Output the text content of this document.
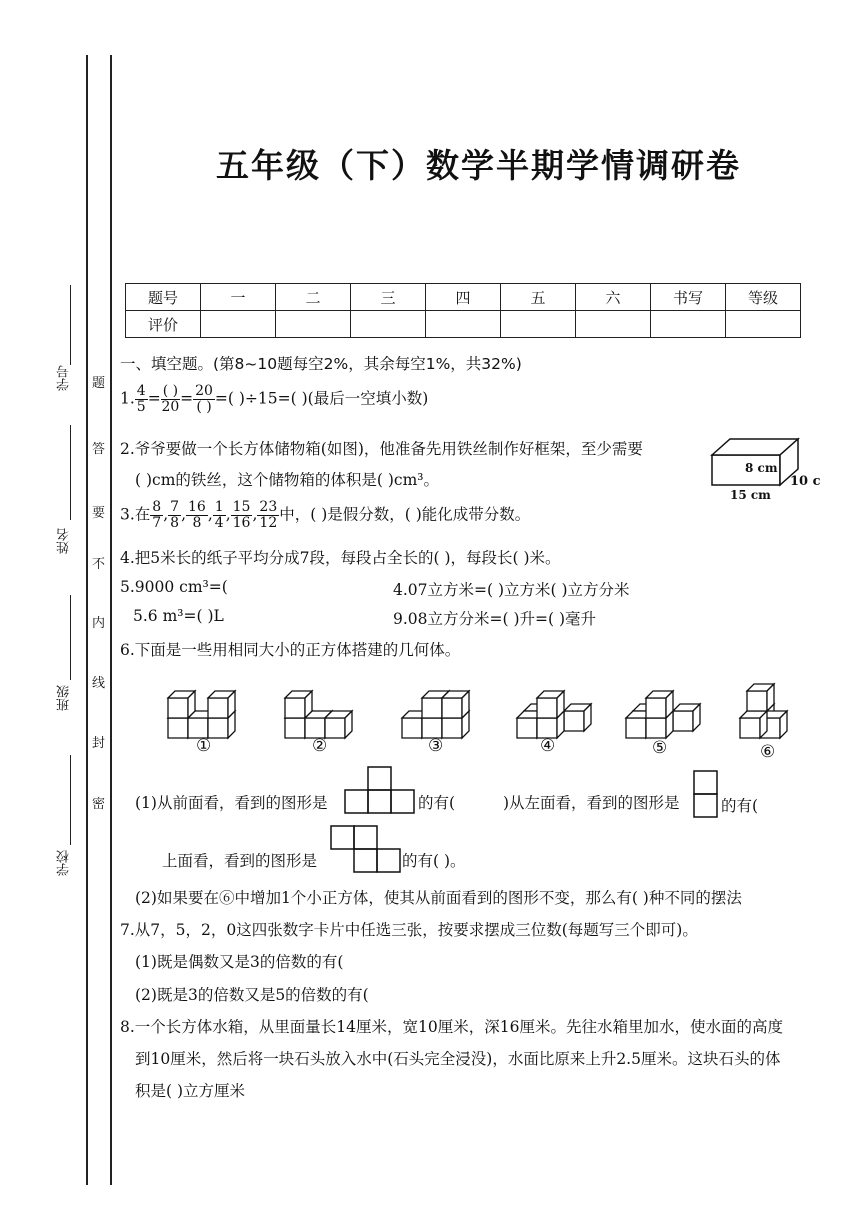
学号
姓名
班级
学校
题
答
要
不
内
线
封
密
五年级（下）数学半期学情调研卷
题号	一	二	三	四	五	六	书写	等级
评价								
一、填空题。(第8~10题每空2%，其余每空1%，共32%)
1. $\frac{4}{5} = \frac{( )}{20} = \frac{20}{( )}$ =( )÷15=( )(最后一空填小数)
2.爷爷要做一个长方体储物箱(如图)，他准备先用铁丝制作好框架，至少需要
( )cm的铁丝，这个储物箱的体积是( )cm³。
8 cm
15 cm
10 c
3.在 $\frac{8}{7}$ , $\frac{7}{8}$ , $\frac{16}{8}$ , $\frac{1}{4}$ , $\frac{15}{16}$ , $\frac{23}{12}$ 中，( )是假分数，( )能化成带分数。
4.把5米长的纸子平均分成7段，每段占全长的( )，每段长( )米。
5.9000 cm³=(	4.07立方米=( )立方米( )立方分米
5.6 m³=( )L	9.08立方分米=( )升=( )毫升
6.下面是一些用相同大小的正方体搭建的几何体。
①	②	③	④	⑤	⑥
(1)从前面看，看到的图形是	的有(	)从左面看，看到的图形是	的有(
上面看，看到的图形是	的有( )。
(2)如果要在⑥中增加1个小正方体，使其从前面看到的图形不变，那么有( )种不同的摆法
7.从7，5，2，0这四张数字卡片中任选三张，按要求摆成三位数(每题写三个即可)。
(1)既是偶数又是3的倍数的有(
(2)既是3的倍数又是5的倍数的有(
8.一个长方体水箱，从里面量长14厘米，宽10厘米，深16厘米。先往水箱里加水，使水面的高度
到10厘米，然后将一块石头放入水中(石头完全浸没)，水面比原来上升2.5厘米。这块石头的体
积是( )立方厘米
